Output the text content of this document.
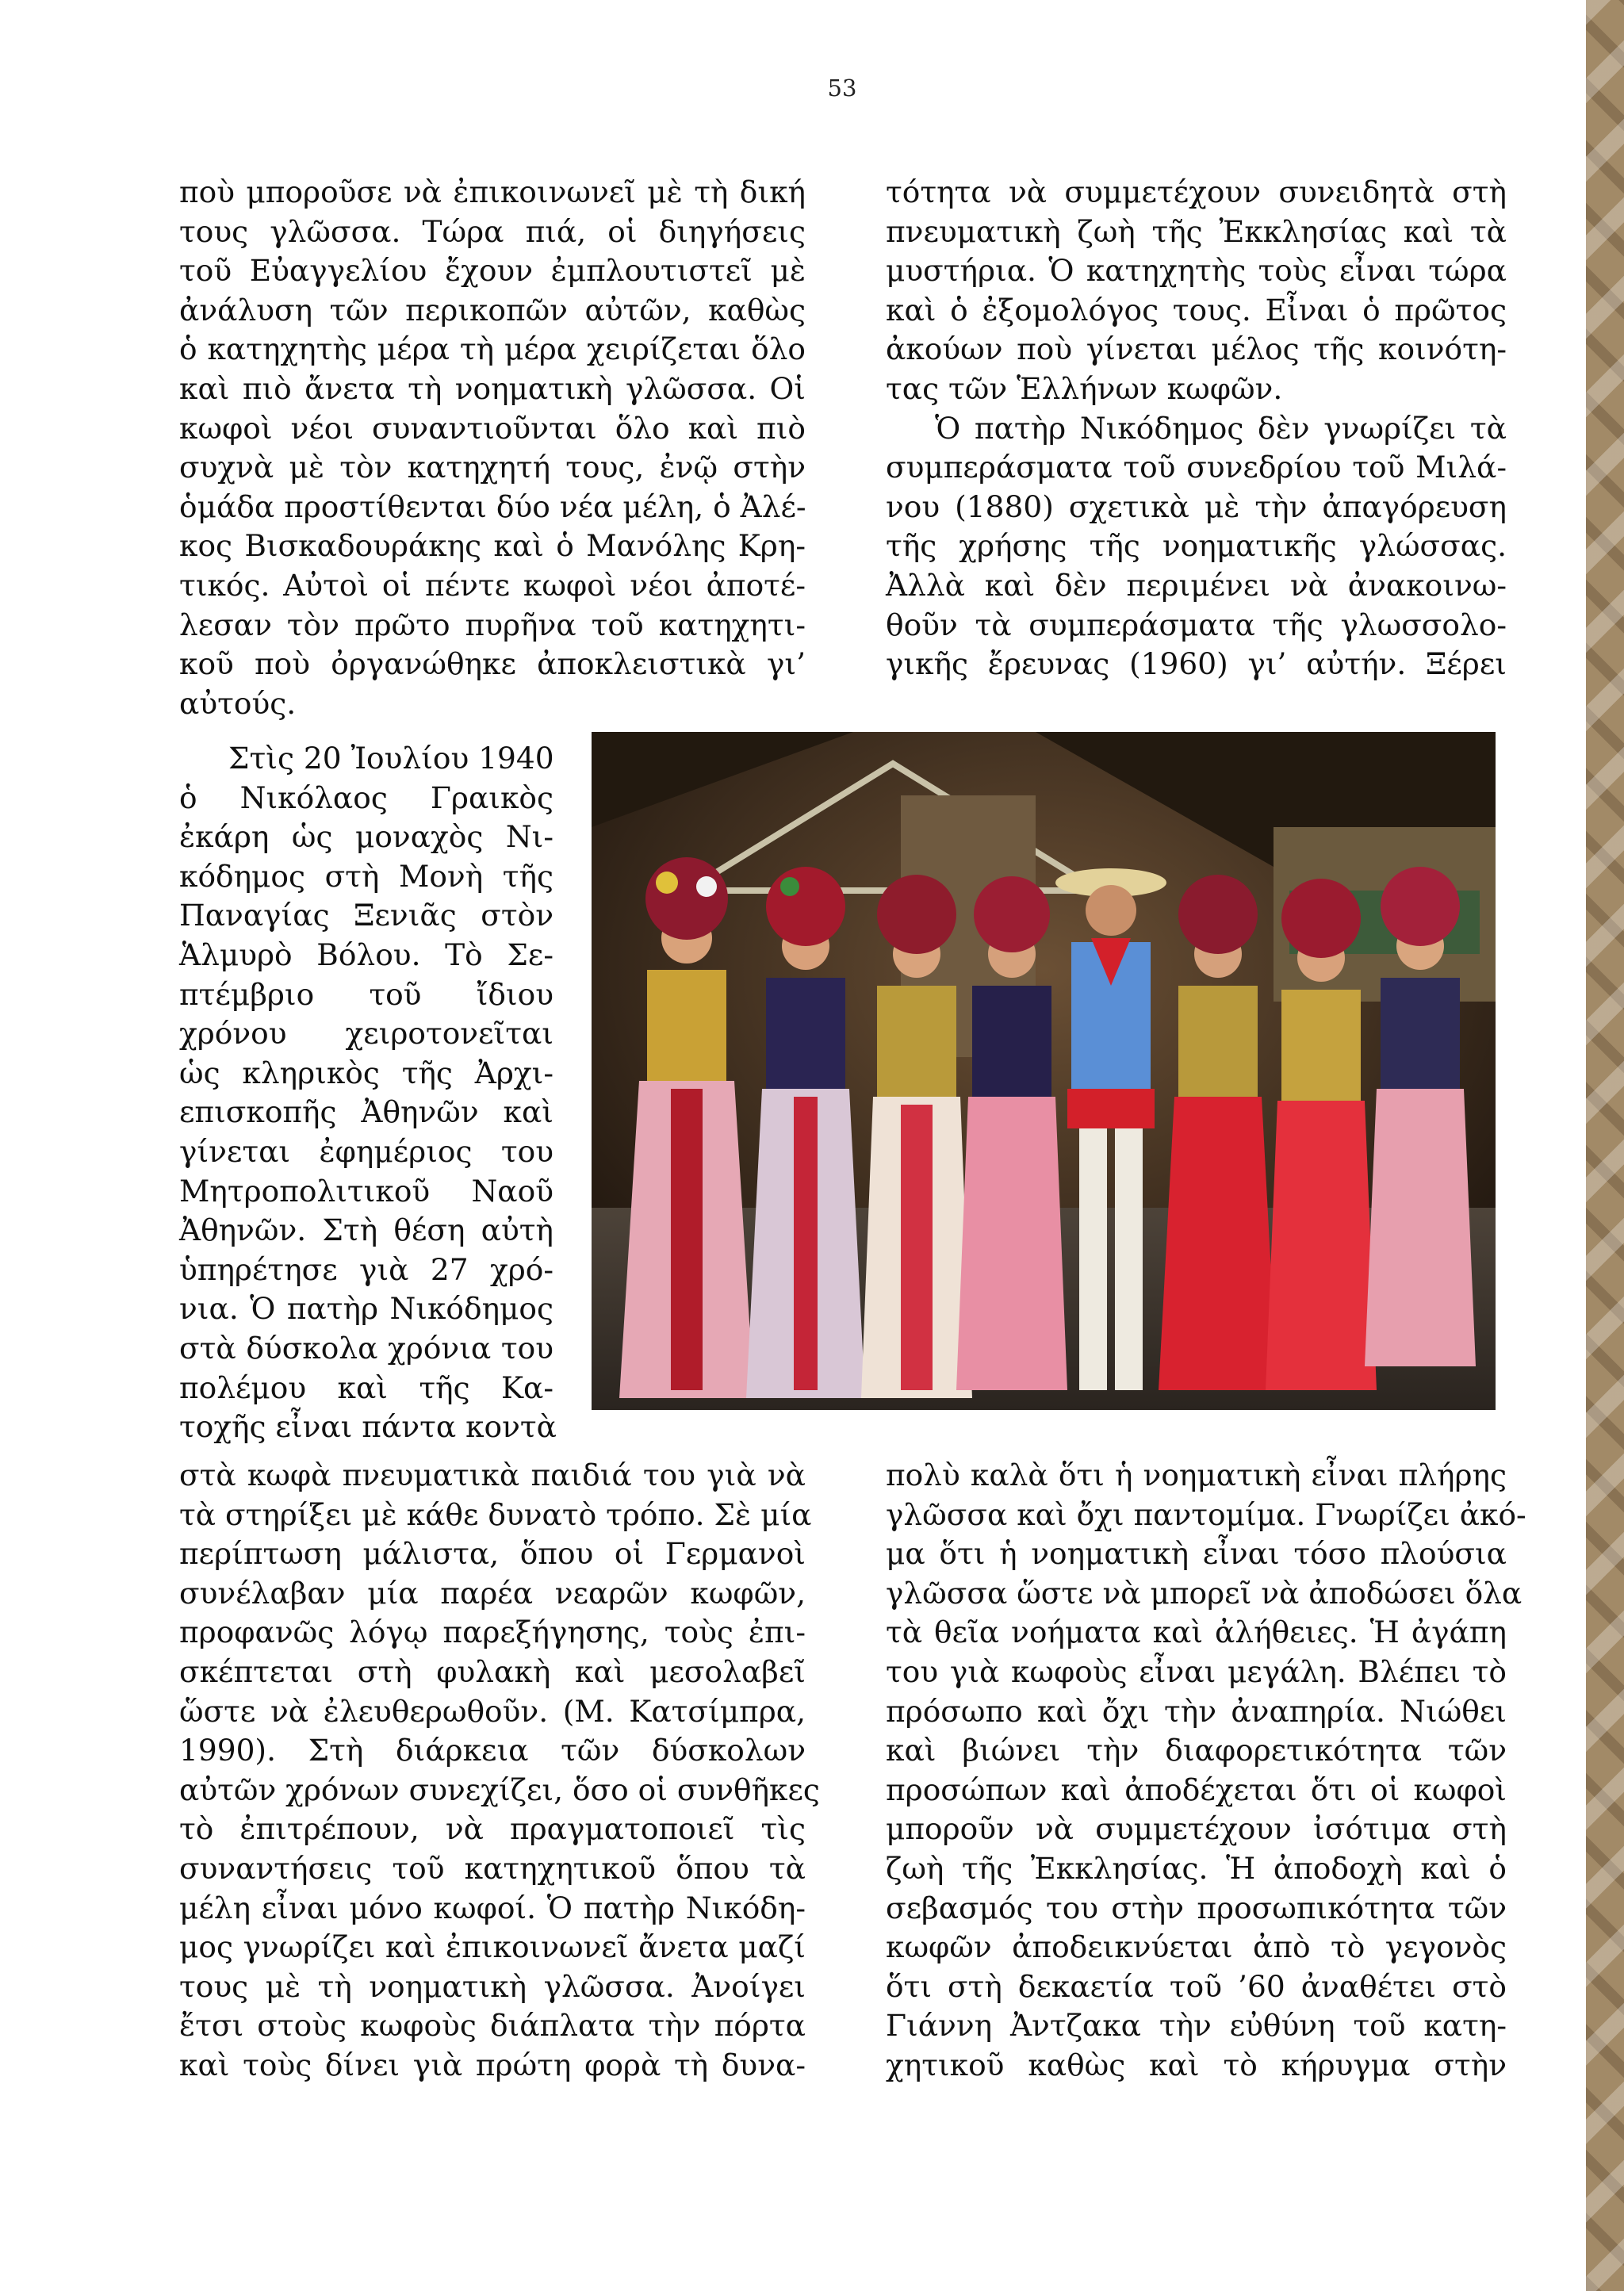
53
ποὺ μποροῦσε νὰ ἐπικοινωνεῖ μὲ τὴ δική
τους γλῶσσα. Τώρα πιά, οἱ διηγήσεις
τοῦ Εὐαγγελίου ἔχουν ἐμπλουτιστεῖ μὲ
ἀνάλυση τῶν περικοπῶν αὐτῶν, καθὼς
ὁ κατηχητὴς μέρα τὴ μέρα χειρίζεται ὅλο
καὶ πιὸ ἄνετα τὴ νοηματικὴ γλῶσσα. Οἱ
κωφοὶ νέοι συναντιοῦνται ὅλο καὶ πιὸ
συχνὰ μὲ τὸν κατηχητή τους, ἐνῷ στὴν
ὁμάδα προστίθενται δύο νέα μέλη, ὁ Ἀλέ-
κος Βισκαδουράκης καὶ ὁ Μανόλης Κρη-
τικός. Αὐτοὶ οἱ πέντε κωφοὶ νέοι ἀποτέ-
λεσαν τὸν πρῶτο πυρῆνα τοῦ κατηχητι-
κοῦ ποὺ ὀργανώθηκε ἀποκλειστικὰ γι’
αὐτούς.
Στὶς 20 Ἰουλίου 1940
ὁ Νικόλαος Γραικὸς
ἐκάρη ὡς μοναχὸς Νι-
κόδημος στὴ Μονὴ τῆς
Παναγίας Ξενιᾶς στὸν
Ἁλμυρὸ Βόλου. Τὸ Σε-
πτέμβριο τοῦ ἴδιου
χρόνου χειροτονεῖται
ὡς κληρικὸς τῆς Ἀρχι-
επισκοπῆς Ἀθηνῶν καὶ
γίνεται ἐφημέριος του
Μητροπολιτικοῦ Ναοῦ
Ἀθηνῶν. Στὴ θέση αὐτὴ
ὑπηρέτησε γιὰ 27 χρό-
νια. Ὁ πατὴρ Νικόδημος
στὰ δύσκολα χρόνια του
πολέμου καὶ τῆς Κα-
τοχῆς εἶναι πάντα κοντὰ
στὰ κωφὰ πνευματικὰ παιδιά του γιὰ νὰ
τὰ στηρίξει μὲ κάθε δυνατὸ τρόπο. Σὲ μία
περίπτωση μάλιστα, ὅπου οἱ Γερμανοὶ
συνέλαβαν μία παρέα νεαρῶν κωφῶν,
προφανῶς λόγῳ παρεξήγησης, τοὺς ἐπι-
σκέπτεται στὴ φυλακὴ καὶ μεσολαβεῖ
ὥστε νὰ ἐλευθερωθοῦν. (Μ. Κατσίμπρα,
1990). Στὴ διάρκεια τῶν δύσκολων
αὐτῶν χρόνων συνεχίζει, ὅσο οἱ συνθῆκες
τὸ ἐπιτρέπουν, νὰ πραγματοποιεῖ τὶς
συναντήσεις τοῦ κατηχητικοῦ ὅπου τὰ
μέλη εἶναι μόνο κωφοί. Ὁ πατὴρ Νικόδη-
μος γνωρίζει καὶ ἐπικοινωνεῖ ἄνετα μαζί
τους μὲ τὴ νοηματικὴ γλῶσσα. Ἀνοίγει
ἔτσι στοὺς κωφοὺς διάπλατα τὴν πόρτα
καὶ τοὺς δίνει γιὰ πρώτη φορὰ τὴ δυνα-
τότητα νὰ συμμετέχουν συνειδητὰ στὴ
πνευματικὴ ζωὴ τῆς Ἐκκλησίας καὶ τὰ
μυστήρια. Ὁ κατηχητὴς τοὺς εἶναι τώρα
καὶ ὁ ἐξομολόγος τους. Εἶναι ὁ πρῶτος
ἀκούων ποὺ γίνεται μέλος τῆς κοινότη-
τας τῶν Ἑλλήνων κωφῶν.
Ὁ πατὴρ Νικόδημος δὲν γνωρίζει τὰ
συμπεράσματα τοῦ συνεδρίου τοῦ Μιλά-
νου (1880) σχετικὰ μὲ τὴν ἀπαγόρευση
τῆς χρήσης τῆς νοηματικῆς γλώσσας.
Ἀλλὰ καὶ δὲν περιμένει νὰ ἀνακοινω-
θοῦν τὰ συμπεράσματα τῆς γλωσσολο-
γικῆς ἔρευνας (1960) γι’ αὐτήν. Ξέρει
πολὺ καλὰ ὅτι ἡ νοηματικὴ εἶναι πλήρης
γλῶσσα καὶ ὄχι παντομίμα. Γνωρίζει ἀκό-
μα ὅτι ἡ νοηματικὴ εἶναι τόσο πλούσια
γλῶσσα ὥστε νὰ μπορεῖ νὰ ἀποδώσει ὅλα
τὰ θεῖα νοήματα καὶ ἀλήθειες. Ἡ ἀγάπη
του γιὰ κωφοὺς εἶναι μεγάλη. Βλέπει τὸ
πρόσωπο καὶ ὄχι τὴν ἀναπηρία. Νιώθει
καὶ βιώνει τὴν διαφορετικότητα τῶν
προσώπων καὶ ἀποδέχεται ὅτι οἱ κωφοὶ
μποροῦν νὰ συμμετέχουν ἰσότιμα στὴ
ζωὴ τῆς Ἐκκλησίας. Ἡ ἀποδοχὴ καὶ ὁ
σεβασμός του στὴν προσωπικότητα τῶν
κωφῶν ἀποδεικνύεται ἀπὸ τὸ γεγονὸς
ὅτι στὴ δεκαετία τοῦ ’60 ἀναθέτει στὸ
Γιάννη Ἀντζακα τὴν εὐθύνη τοῦ κατη-
χητικοῦ καθὼς καὶ τὸ κήρυγμα στὴν
